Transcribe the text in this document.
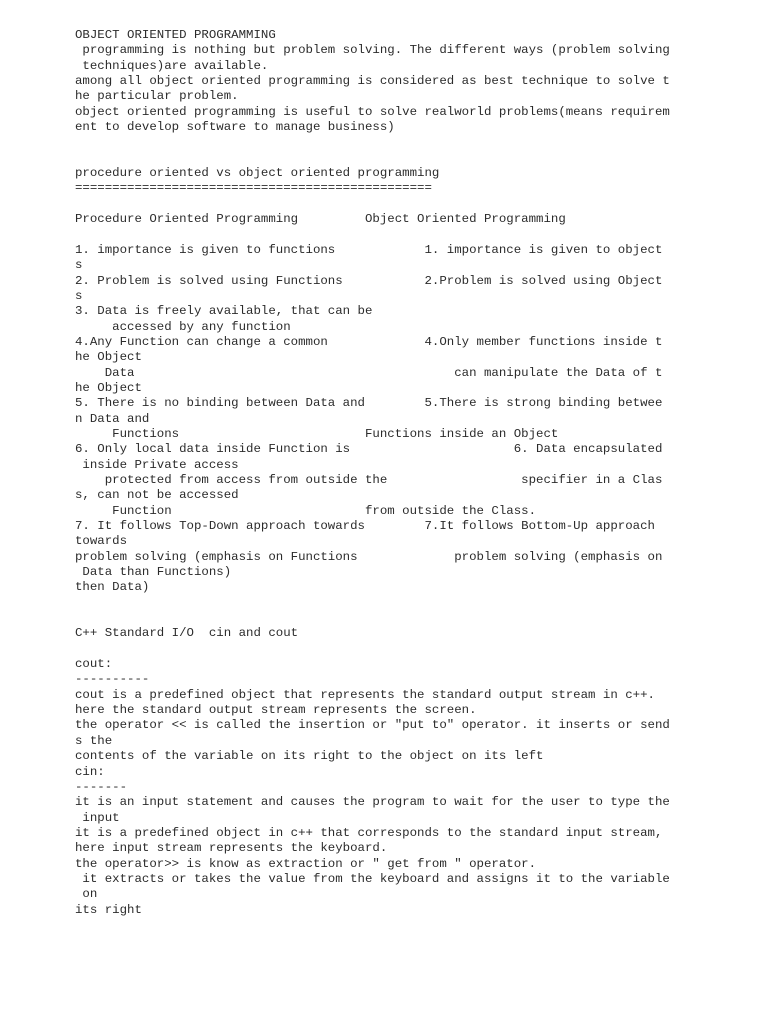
OBJECT ORIENTED PROGRAMMING
programming is nothing but problem solving. The different ways (problem solving
techniques)are available.
among all object oriented programming is considered as best technique to solve t
he particular problem.
object oriented programming is useful to solve realworld problems(means requirem
ent to develop software to manage business)
procedure oriented vs object oriented programming
================================================
Procedure Oriented Programming         Object Oriented Programming
1. importance is given to functions            1. importance is given to object
s
2. Problem is solved using Functions           2.Problem is solved using Object
s
3. Data is freely available, that can be
accessed by any function
4.Any Function can change a common             4.Only member functions inside t
he Object
Data                                           can manipulate the Data of t
he Object
5. There is no binding between Data and        5.There is strong binding betwee
n Data and
Functions                         Functions inside an Object
6. Only local data inside Function is                      6. Data encapsulated
inside Private access
protected from access from outside the                  specifier in a Clas
s, can not be accessed
Function                          from outside the Class.
7. It follows Top-Down approach towards        7.It follows Bottom-Up approach
towards
problem solving (emphasis on Functions             problem solving (emphasis on
Data than Functions)
then Data)
C++ Standard I/O  cin and cout
cout:
----------
cout is a predefined object that represents the standard output stream in c++.
here the standard output stream represents the screen.
the operator << is called the insertion or "put to" operator. it inserts or send
s the
contents of the variable on its right to the object on its left
cin:
-------
it is an input statement and causes the program to wait for the user to type the
input
it is a predefined object in c++ that corresponds to the standard input stream,
here input stream represents the keyboard.
the operator>> is know as extraction or " get from " operator.
it extracts or takes the value from the keyboard and assigns it to the variable
on
its right
